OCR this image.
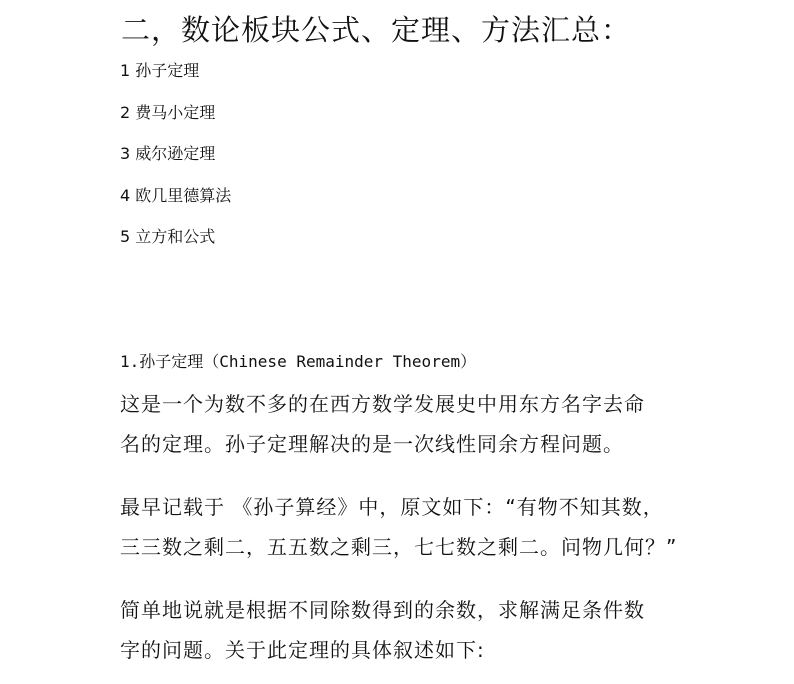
二，数论板块公式、定理、方法汇总：
1 孙子定理
2 费马小定理
3 威尔逊定理
4 欧几里德算法
5 立方和公式
1.孙子定理（Chinese Remainder Theorem）

这是一个为数不多的在西方数学发展史中用东方名字去命
名的定理。孙子定理解决的是一次线性同余方程问题。

最早记载于 《孙子算经》中，原文如下：“有物不知其数，
三三数之剩二，五五数之剩三，七七数之剩二。问物几何？”

简单地说就是根据不同除数得到的余数，求解满足条件数
字的问题。关于此定理的具体叙述如下:
